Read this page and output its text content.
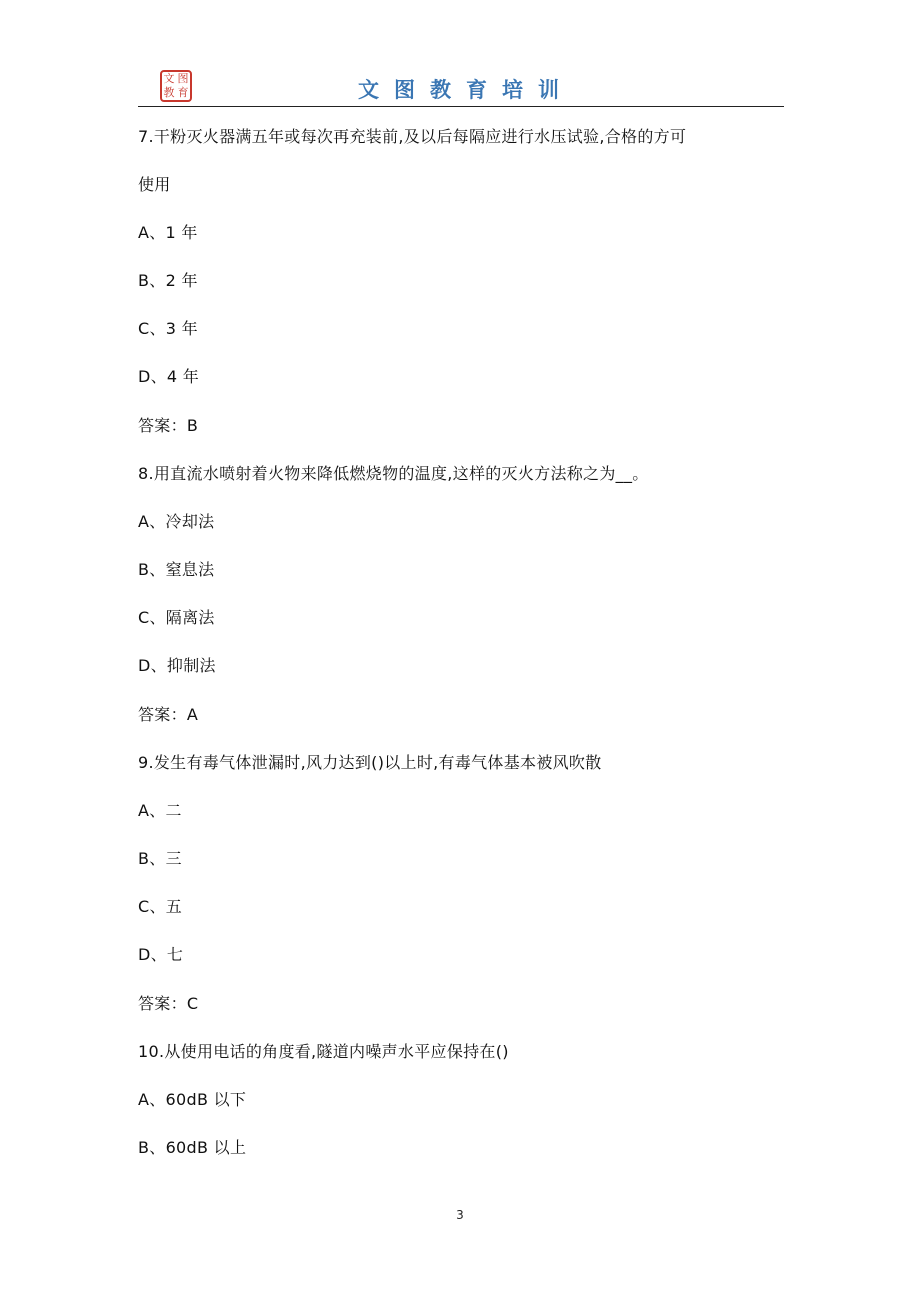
文 图
教 育	文图教育培训
7.干粉灭火器满五年或每次再充装前,及以后每隔应进行水压试验,合格的方可
使用
A、1 年
B、2 年
C、3 年
D、4 年
答案：B
8.用直流水喷射着火物来降低燃烧物的温度,这样的灭火方法称之为__。
A、冷却法
B、窒息法
C、隔离法
D、抑制法
答案：A
9.发生有毒气体泄漏时,风力达到()以上时,有毒气体基本被风吹散
A、二
B、三
C、五
D、七
答案：C
10.从使用电话的角度看,隧道内噪声水平应保持在()
A、60dB 以下
B、60dB 以上
3
